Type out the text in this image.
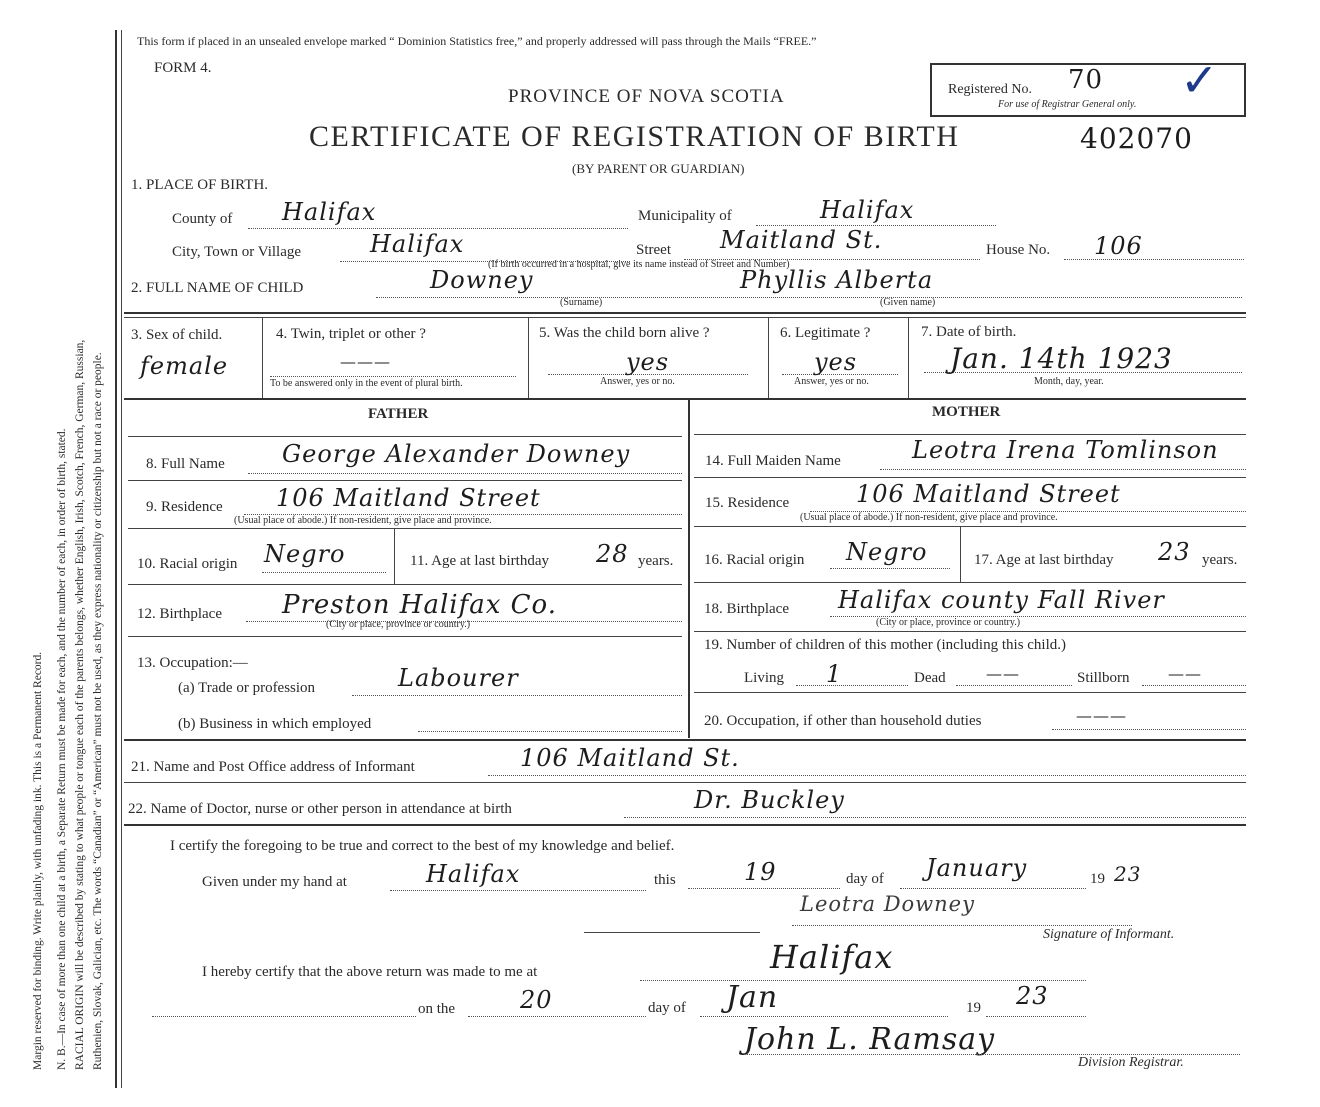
Margin reserved for binding. Write plainly, with unfading ink. This is a Permanent Record. N. B.—In case of more than one child at a birth, a Separate Return must be made for each, and the number of each, in order of birth, stated. RACIAL ORIGIN will be described by stating to what people or tongue each of the parents belongs, whether English, Irish, Scotch, French, German, Russian, Ruthenien, Slovak, Galician, etc. The words “Canadian” or “American” must not be used, as they express nationality or citizenship but not a race or people.
This form if placed in an unsealed envelope marked “ Dominion Statistics free,” and properly addressed will pass through the Mails “FREE.”
FORM 4.
PROVINCE OF NOVA SCOTIA
CERTIFICATE OF REGISTRATION OF BIRTH	402070
(BY PARENT OR GUARDIAN)
Registered No. 70
For use of Registrar General only. ✓
1. PLACE OF BIRTH.
County of Halifax	Municipality of	Halifax
City, Town or Village	Halifax	Street Maitland St.	House No. 106
(If birth occurred in a hospital, give its name instead of Street and Number)
2. FULL NAME OF CHILD	Downey
(Surname)
Phyllis Alberta
(Given name)
3. Sex of child.
female
4. Twin, triplet or other ?
———
To be answered only in the event of plural birth.
5. Was the child born alive ?
yes
Answer, yes or no.
6. Legitimate ?
yes
Answer, yes or no.
7. Date of birth.
Jan. 14th 1923
Month, day, year.
FATHER
8. Full Name George Alexander Downey
9. Residence 106 Maitland Street
(Usual place of abode.) If non-resident, give place and province.
10. Racial origin Negro	11. Age at last birthday 28 years.
12. Birthplace Preston Halifax Co.
(City or place, province or country.)
13. Occupation:—
(a) Trade or profession	Labourer
(b) Business in which employed
MOTHER
14. Full Maiden Name	Leotra Irena Tomlinson
15. Residence	106 Maitland Street
(Usual place of abode.) If non-resident, give place and province.
16. Racial origin Negro	17. Age at last birthday 23 years.
18. Birthplace Halifax county Fall River
(City or place, province or country.)
19. Number of children of this mother (including this child.)
Living 1	Dead	——	Stillborn ——
20. Occupation, if other than household duties	———
21. Name and Post Office address of Informant	106 Maitland St.
22. Name of Doctor, nurse or other person in attendance at birth	Dr. Buckley
I certify the foregoing to be true and correct to the best of my knowledge and belief.
Given under my hand at	Halifax	this	19	day of January	19 23
Leotra Downey
Signature of Informant.
I hereby certify that the above return was made to me at	Halifax
on the	20	day of Jan	19 23
John L. Ramsay
Division Registrar.
